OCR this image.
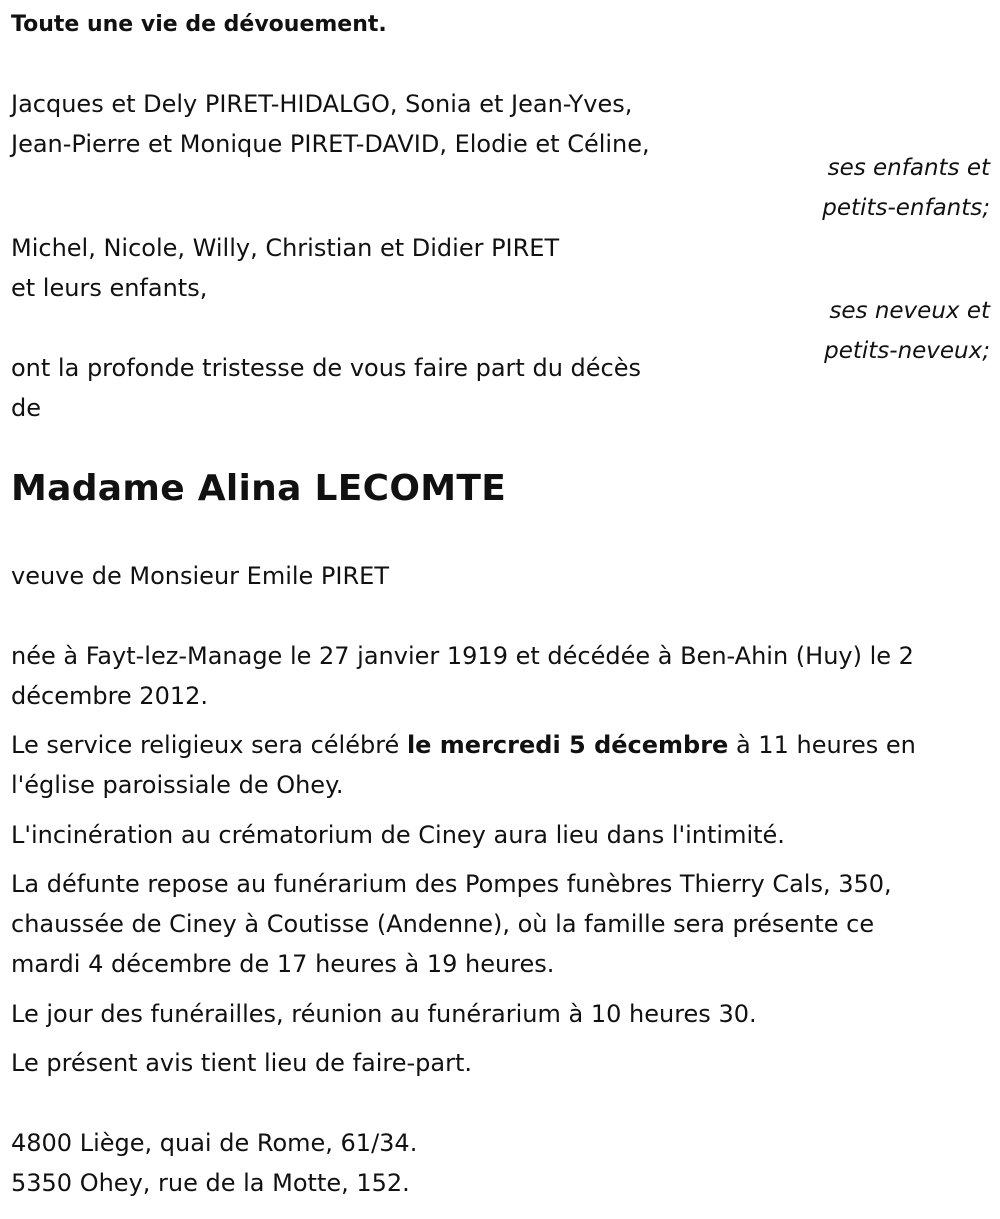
Toute une vie de dévouement.
Jacques et Dely PIRET-HIDALGO, Sonia et Jean-Yves,
Jean-Pierre et Monique PIRET-DAVID, Elodie et Céline,
ses enfants et
petits-enfants;
Michel, Nicole, Willy, Christian et Didier PIRET
et leurs enfants,
ses neveux et
petits-neveux;
ont la profonde tristesse de vous faire part du décès
de
Madame Alina LECOMTE
veuve de Monsieur Emile PIRET
née à Fayt-lez-Manage le 27 janvier 1919 et décédée à Ben-Ahin (Huy) le 2
décembre 2012.
Le service religieux sera célébré le mercredi 5 décembre à 11 heures en
l'église paroissiale de Ohey.
L'incinération au crématorium de Ciney aura lieu dans l'intimité.
La défunte repose au funérarium des Pompes funèbres Thierry Cals, 350,
chaussée de Ciney à Coutisse (Andenne), où la famille sera présente ce
mardi 4 décembre de 17 heures à 19 heures.
Le jour des funérailles, réunion au funérarium à 10 heures 30.
Le présent avis tient lieu de faire-part.
4800 Liège, quai de Rome, 61/34.
5350 Ohey, rue de la Motte, 152.
